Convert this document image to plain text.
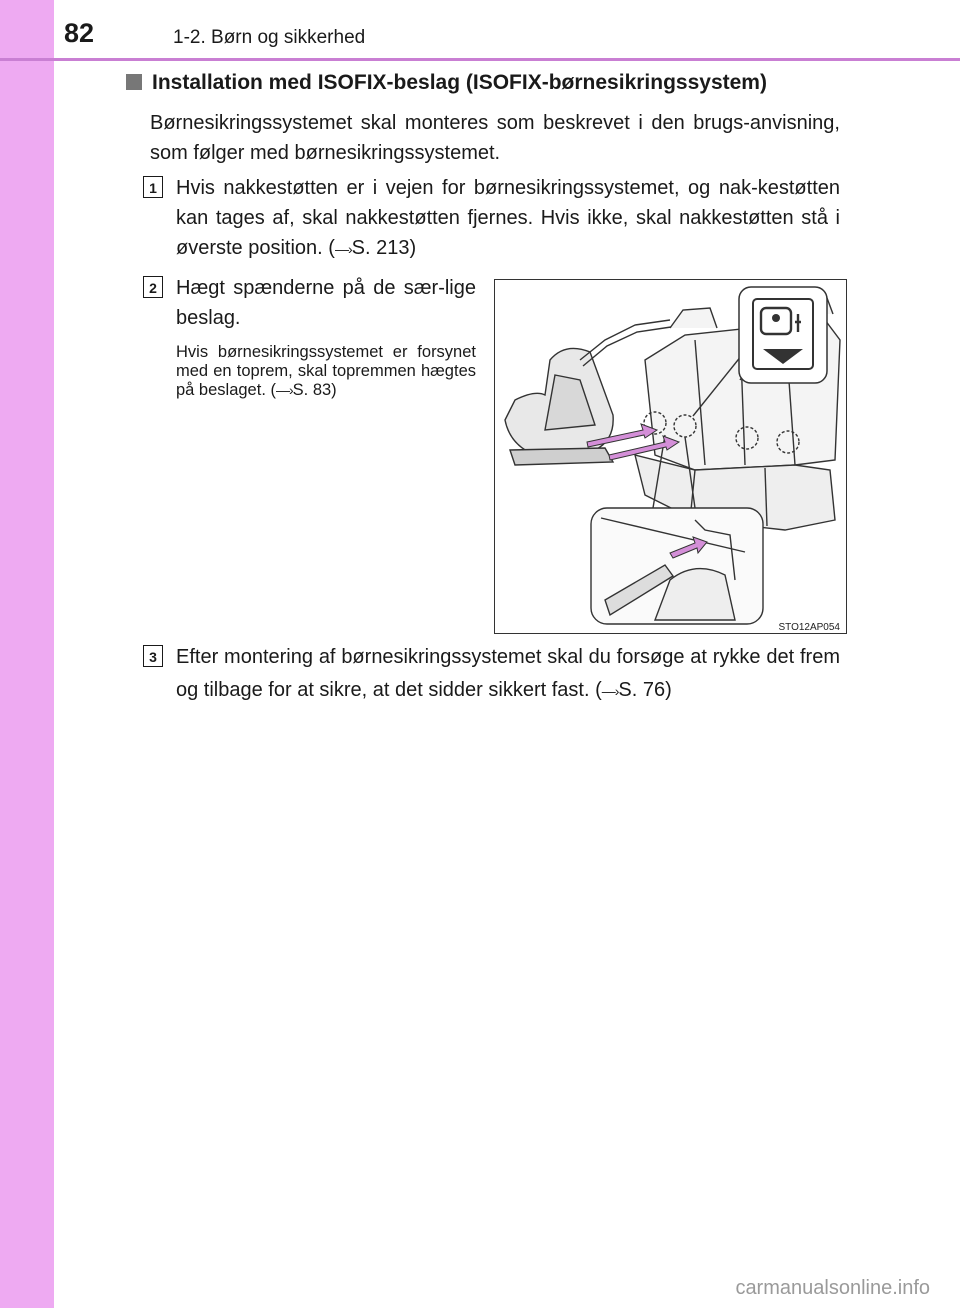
82	1-2. Børn og sikkerhed
Installation med ISOFIX-beslag (ISOFIX-børnesikringssystem)
Børnesikringssystemet skal monteres som beskrevet i den brugs-anvisning, som følger med børnesikringssystemet.
1 Hvis nakkestøtten er i vejen for børnesikringssystemet, og nak-kestøtten kan tages af, skal nakkestøtten fjernes. Hvis ikke, skal nakkestøtten stå i øverste position. (—›S. 213)
2 Hægt spænderne på de sær-lige beslag.
Hvis børnesikringssystemet er forsynet med en toprem, skal topremmen hægtes på beslaget. (—›S. 83)
STO12AP054
3 Efter montering af børnesikringssystemet skal du forsøge at rykke det frem og tilbage for at sikre, at det sidder sikkert fast. (—›S. 76)
carmanualsonline.info
